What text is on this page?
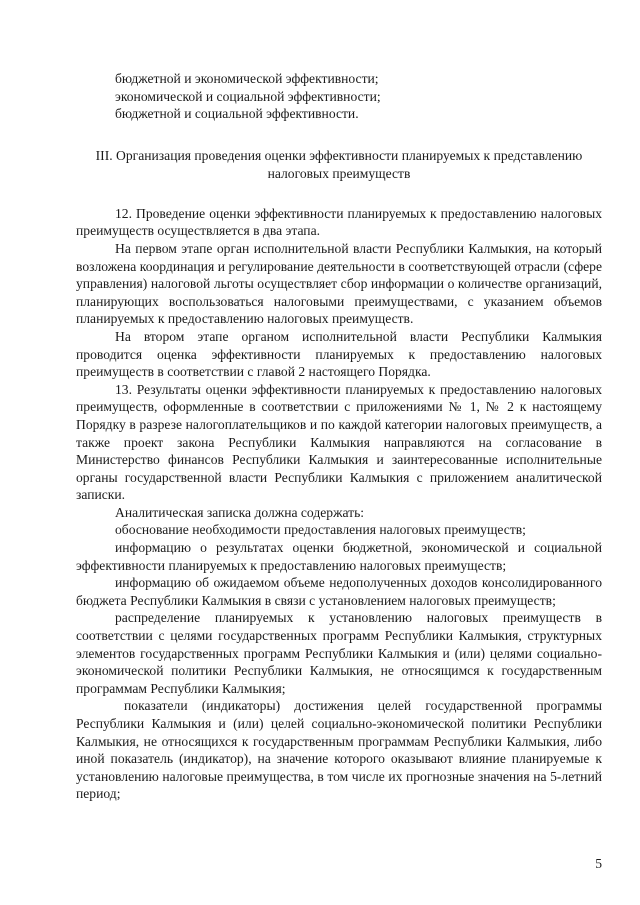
бюджетной и экономической эффективности;

экономической и социальной эффективности;

бюджетной и социальной эффективности.

III. Организация проведения оценки эффективности планируемых к представлению налоговых преимуществ

12. Проведение оценки эффективности планируемых к предоставлению налоговых преимуществ осуществляется в два этапа.

На первом этапе орган исполнительной власти Республики Калмыкия, на который возложена координация и регулирование деятельности в соответствующей отрасли (сфере управления) налоговой льготы осуществляет сбор информации о количестве организаций, планирующих воспользоваться налоговыми преимуществами, с указанием объемов планируемых к предоставлению налоговых преимуществ.

На втором этапе органом исполнительной власти Республики Калмыкия проводится оценка эффективности планируемых к предоставлению налоговых преимуществ в соответствии с главой 2 настоящего Порядка.

13. Результаты оценки эффективности планируемых к предоставлению налоговых преимуществ, оформленные в соответствии с приложениями № 1, № 2 к настоящему Порядку в разрезе налогоплательщиков и по каждой категории налоговых преимуществ, а также проект закона Республики Калмыкия направляются на согласование в Министерство финансов Республики Калмыкия и заинтересованные исполнительные органы государственной власти Республики Калмыкия с приложением аналитической записки.

Аналитическая записка должна содержать:

обоснование необходимости предоставления налоговых преимуществ;

информацию о результатах оценки бюджетной, экономической и социальной эффективности планируемых к предоставлению налоговых преимуществ;

информацию об ожидаемом объеме недополученных доходов консолидированного бюджета Республики Калмыкия в связи с установлением налоговых преимуществ;

распределение планируемых к установлению налоговых преимуществ в соответствии с целями государственных программ Республики Калмыкия, структурных элементов государственных программ Республики Калмыкия и (или) целями социально-экономической политики Республики Калмыкия, не относящимся к государственным программам Республики Калмыкия;

показатели (индикаторы) достижения целей государственной программы Республики Калмыкия и (или) целей социально-экономической политики Республики Калмыкия, не относящихся к государственным программам Республики Калмыкия, либо иной показатель (индикатор), на значение которого оказывают влияние планируемые к установлению налоговые преимущества, в том числе их прогнозные значения на 5-летний период;

5
